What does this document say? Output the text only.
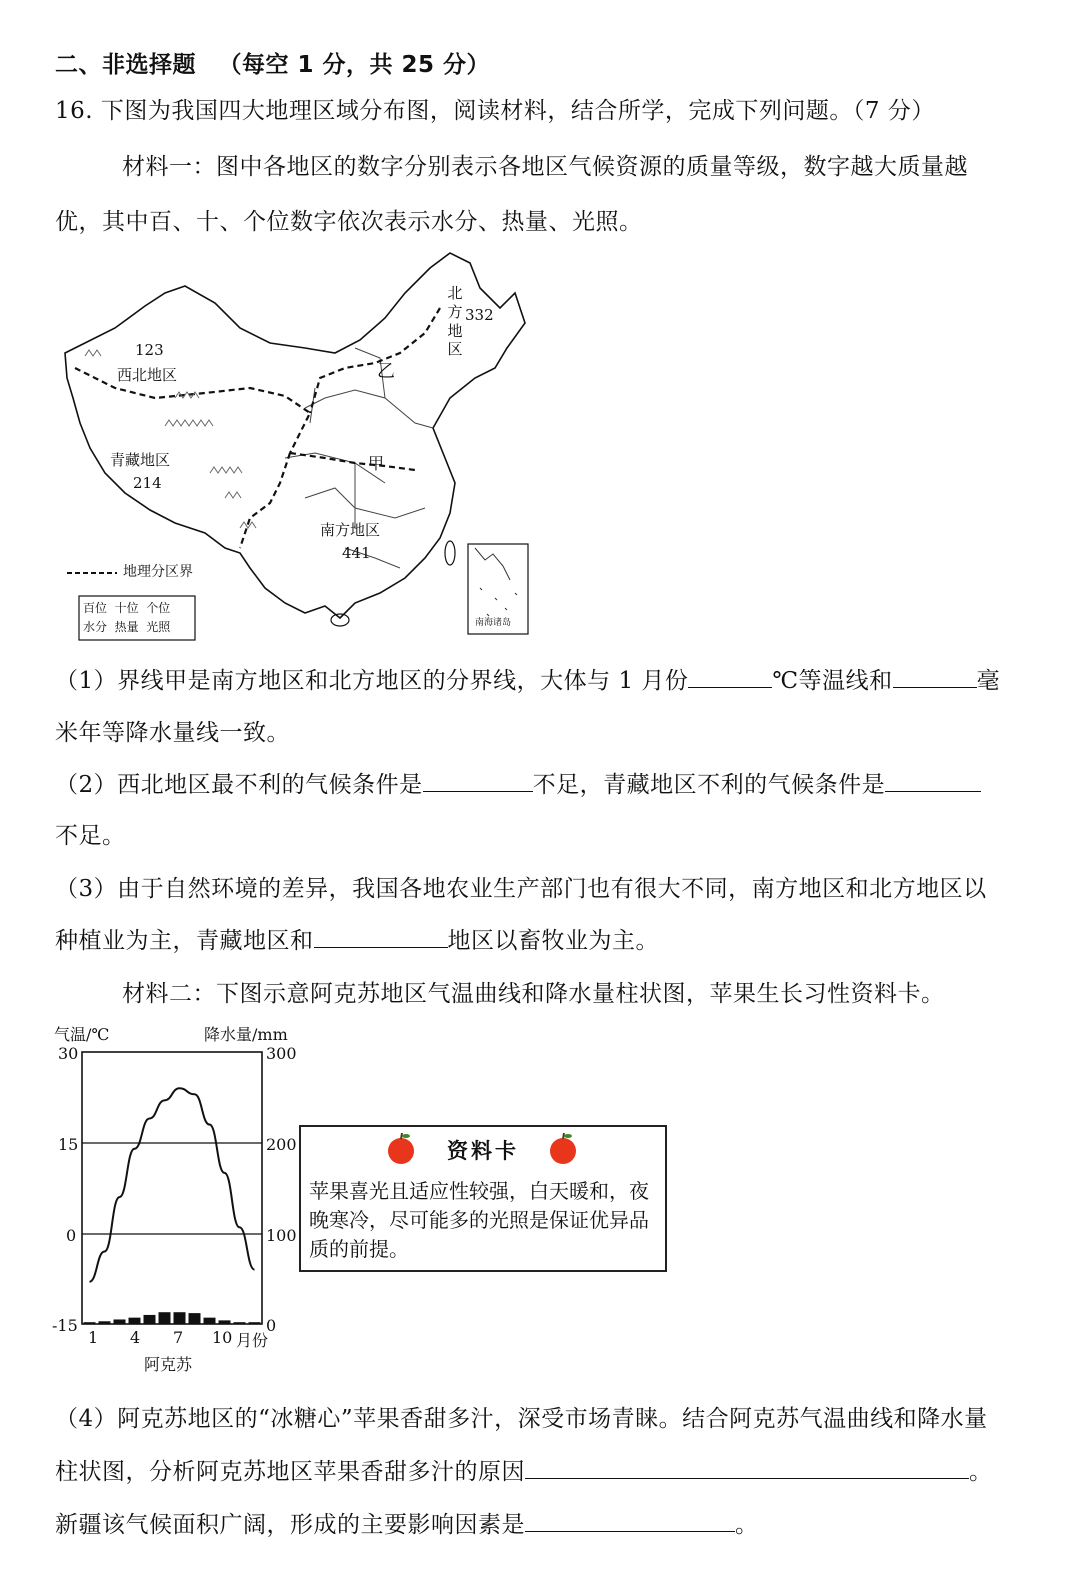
二、非选择题 （每空 1 分，共 25 分）
16. 下图为我国四大地理区域分布图，阅读材料，结合所学，完成下列问题。（7 分）
材料一：图中各地区的数字分别表示各地区气候资源的质量等级，数字越大质量越
优，其中百、十、个位数字依次表示水分、热量、光照。
123
西北地区
北
方
地
区
332
乙
甲
青藏地区
214
南方地区
441
地理分区界
百位  十位  个位
水分  热量  光照	南海诸岛
（1）界线甲是南方地区和北方地区的分界线，大体与 1 月份	℃等温线和	毫
米年等降水量线一致。
（2）西北地区最不利的气候条件是	不足，青藏地区不利的气候条件是
不足。
（3）由于自然环境的差异，我国各地农业生产部门也有很大不同，南方地区和北方地区以
种植业为主，青藏地区和	地区以畜牧业为主。
材料二：下图示意阿克苏地区气温曲线和降水量柱状图，苹果生长习性资料卡。
气温/℃	降水量/mm
30
15
0
-15
300
200
100
0
1 4 7 10 月份
阿克苏
资料卡
苹果喜光且适应性较强，白天暖和，夜晚寒冷，尽可能多的光照是保证优异品质的前提。
（4）阿克苏地区的“冰糖心”苹果香甜多汁，深受市场青睐。结合阿克苏气温曲线和降水量
柱状图，分析阿克苏地区苹果香甜多汁的原因	。
新疆该气候面积广阔，形成的主要影响因素是	。
